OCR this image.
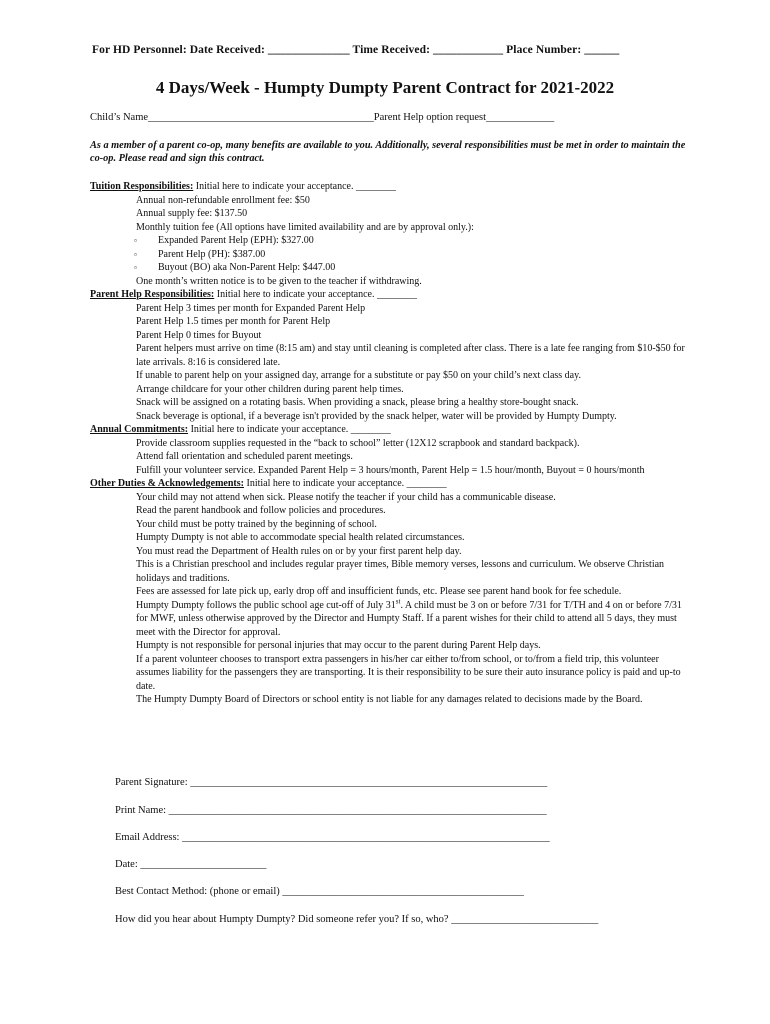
For HD Personnel: Date Received: ______________ Time Received: ____________ Place Number: ______
4 Days/Week - Humpty Dumpty Parent Contract for 2021-2022
Child’s Name___________________________________________Parent Help option request_____________
As a member of a parent co-op, many benefits are available to you. Additionally, several responsibilities must be met in order to maintain the co-op. Please read and sign this contract.
Tuition Responsibilities: Initial here to indicate your acceptance. ________
Annual non-refundable enrollment fee: $50
Annual supply fee: $137.50
Monthly tuition fee (All options have limited availability and are by approval only.):
▫ Expanded Parent Help (EPH): $327.00
▫ Parent Help (PH): $387.00
▫ Buyout (BO) aka Non-Parent Help: $447.00
One month’s written notice is to be given to the teacher if withdrawing.
Parent Help Responsibilities: Initial here to indicate your acceptance. ________
Parent Help 3 times per month for Expanded Parent Help
Parent Help 1.5 times per month for Parent Help
Parent Help 0 times for Buyout
Parent helpers must arrive on time (8:15 am) and stay until cleaning is completed after class. There is a late fee ranging from $10-$50 for late arrivals. 8:16 is considered late.
If unable to parent help on your assigned day, arrange for a substitute or pay $50 on your child’s next class day.
Arrange childcare for your other children during parent help times.
Snack will be assigned on a rotating basis. When providing a snack, please bring a healthy store-bought snack.
Snack beverage is optional, if a beverage isn't provided by the snack helper, water will be provided by Humpty Dumpty.
Annual Commitments: Initial here to indicate your acceptance. ________
Provide classroom supplies requested in the “back to school” letter (12X12 scrapbook and standard backpack).
Attend fall orientation and scheduled parent meetings.
Fulfill your volunteer service. Expanded Parent Help = 3 hours/month, Parent Help = 1.5 hour/month, Buyout = 0 hours/month
Other Duties & Acknowledgements: Initial here to indicate your acceptance. ________
Your child may not attend when sick. Please notify the teacher if your child has a communicable disease.
Read the parent handbook and follow policies and procedures.
Your child must be potty trained by the beginning of school.
Humpty Dumpty is not able to accommodate special health related circumstances.
You must read the Department of Health rules on or by your first parent help day.
This is a Christian preschool and includes regular prayer times, Bible memory verses, lessons and curriculum. We observe Christian holidays and traditions.
Fees are assessed for late pick up, early drop off and insufficient funds, etc. Please see parent hand book for fee schedule.
Humpty Dumpty follows the public school age cut-off of July 31st. A child must be 3 on or before 7/31 for T/TH and 4 on or before 7/31 for MWF, unless otherwise approved by the Director and Humpty Staff. If a parent wishes for their child to attend all 5 days, they must meet with the Director for approval.
Humpty is not responsible for personal injuries that may occur to the parent during Parent Help days.
If a parent volunteer chooses to transport extra passengers in his/her car either to/from school, or to/from a field trip, this volunteer assumes liability for the passengers they are transporting. It is their responsibility to be sure their auto insurance policy is paid and up-to date.
The Humpty Dumpty Board of Directors or school entity is not liable for any damages related to decisions made by the Board.
Parent Signature: ____________________________________________________________________
Print Name: ________________________________________________________________________
Email Address: ______________________________________________________________________
Date: ________________________
Best Contact Method: (phone or email) ______________________________________________
How did you hear about Humpty Dumpty? Did someone refer you? If so, who? ____________________________
